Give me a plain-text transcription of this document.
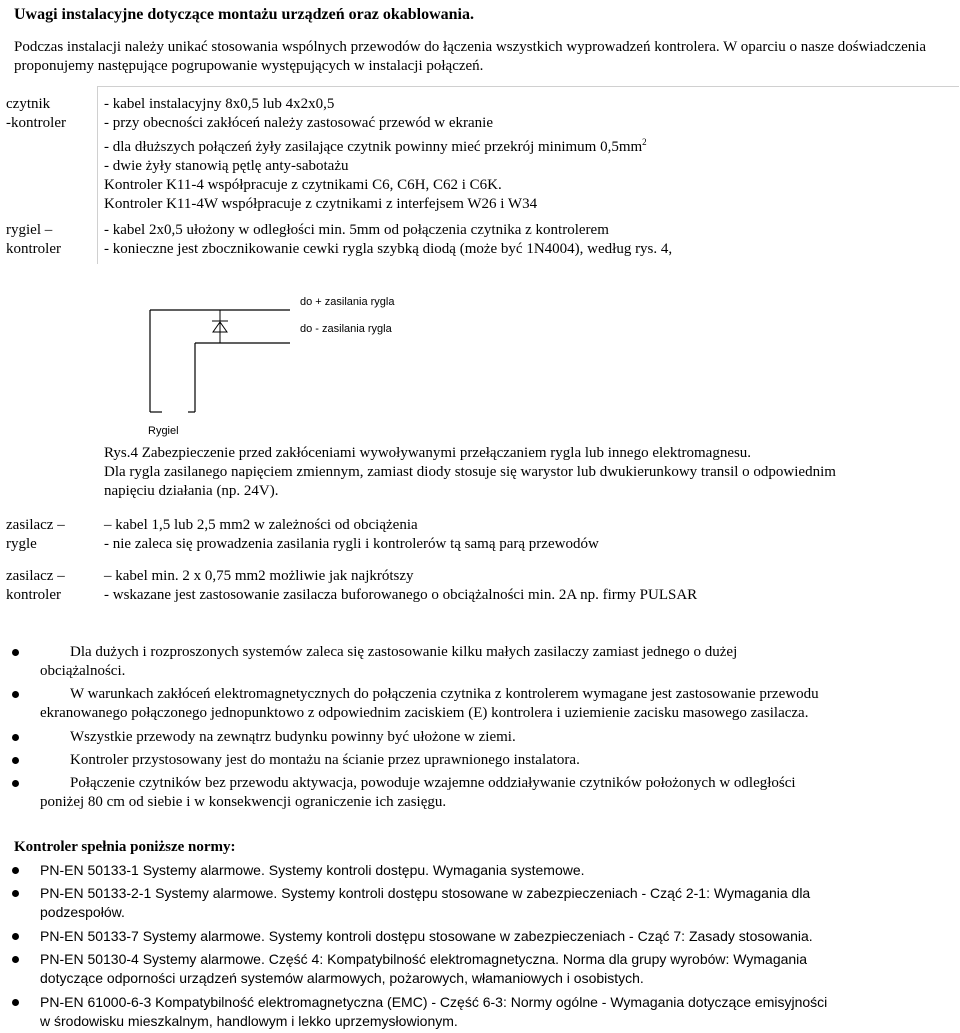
Uwagi instalacyjne dotyczące montażu urządzeń oraz okablowania.
Podczas instalacji należy unikać stosowania wspólnych przewodów do łączenia wszystkich wyprowadzeń kontrolera. W oparciu o nasze doświadczenia proponujemy następujące pogrupowanie występujących w instalacji połączeń.
czytnik
-kontroler
- kabel instalacyjny 8x0,5 lub 4x2x0,5
- przy obecności zakłóceń należy zastosować przewód w ekranie
- dla dłuższych połączeń żyły zasilające czytnik powinny mieć przekrój minimum $0,5mm^2$
- dwie żyły stanowią pętlę anty-sabotażu
Kontroler K11-4 współpracuje z czytnikami C6, C6H, C62 i C6K.
Kontroler K11-4W współpracuje z czytnikami z interfejsem W26 i W34
rygiel –
kontroler
- kabel 2x0,5 ułożony w odległości min. 5mm od połączenia czytnika z kontrolerem
- konieczne jest zbocznikowanie cewki rygla szybką diodą (może być 1N4004), według rys. 4,
do + zasilania rygla
do - zasilania rygla
Rygiel
Rys.4 Zabezpieczenie przed zakłóceniami wywoływanymi przełączaniem rygla lub innego elektromagnesu.
Dla rygla zasilanego napięciem zmiennym, zamiast diody stosuje się warystor lub dwukierunkowy transil o odpowiednim
napięciu działania (np. 24V).
zasilacz –
rygle
– kabel 1,5 lub 2,5 mm2 w zależności od obciążenia
- nie zaleca się prowadzenia zasilania rygli i kontrolerów tą samą parą przewodów
zasilacz –
kontroler
– kabel min. 2 x 0,75 mm2 możliwie jak najkrótszy
- wskazane jest zastosowanie zasilacza buforowanego o obciążalności min. 2A np. firmy PULSAR
Dla dużych i rozproszonych systemów zaleca się zastosowanie kilku małych zasilaczy zamiast jednego o dużej
obciążalności.
W warunkach zakłóceń elektromagnetycznych do połączenia czytnika z kontrolerem wymagane jest zastosowanie przewodu
ekranowanego połączonego jednopunktowo z odpowiednim zaciskiem (E) kontrolera i uziemienie zacisku masowego zasilacza.
Wszystkie przewody na zewnątrz budynku powinny być ułożone w ziemi.
Kontroler przystosowany jest do montażu na ścianie przez uprawnionego instalatora.
Połączenie czytników bez przewodu aktywacja, powoduje wzajemne oddziaływanie czytników położonych w odległości
poniżej 80 cm od siebie i w konsekwencji ograniczenie ich zasięgu.
Kontroler spełnia poniższe normy:
PN-EN 50133-1 Systemy alarmowe. Systemy kontroli dostępu. Wymagania systemowe.
PN-EN 50133-2-1 Systemy alarmowe. Systemy kontroli dostępu stosowane w zabezpieczeniach - Cząć 2-1: Wymagania dla
podzespołów.
PN-EN 50133-7 Systemy alarmowe. Systemy kontroli dostępu stosowane w zabezpieczeniach - Cząć 7: Zasady stosowania.
PN-EN 50130-4 Systemy alarmowe. Część 4: Kompatybilność elektromagnetyczna. Norma dla grupy wyrobów: Wymagania
dotyczące odporności urządzeń systemów alarmowych, pożarowych, włamaniowych i osobistych.
PN-EN 61000-6-3 Kompatybilność elektromagnetyczna (EMC) - Część 6-3: Normy ogólne - Wymagania dotyczące emisyjności
w środowisku mieszkalnym, handlowym i lekko uprzemysłowionym.
